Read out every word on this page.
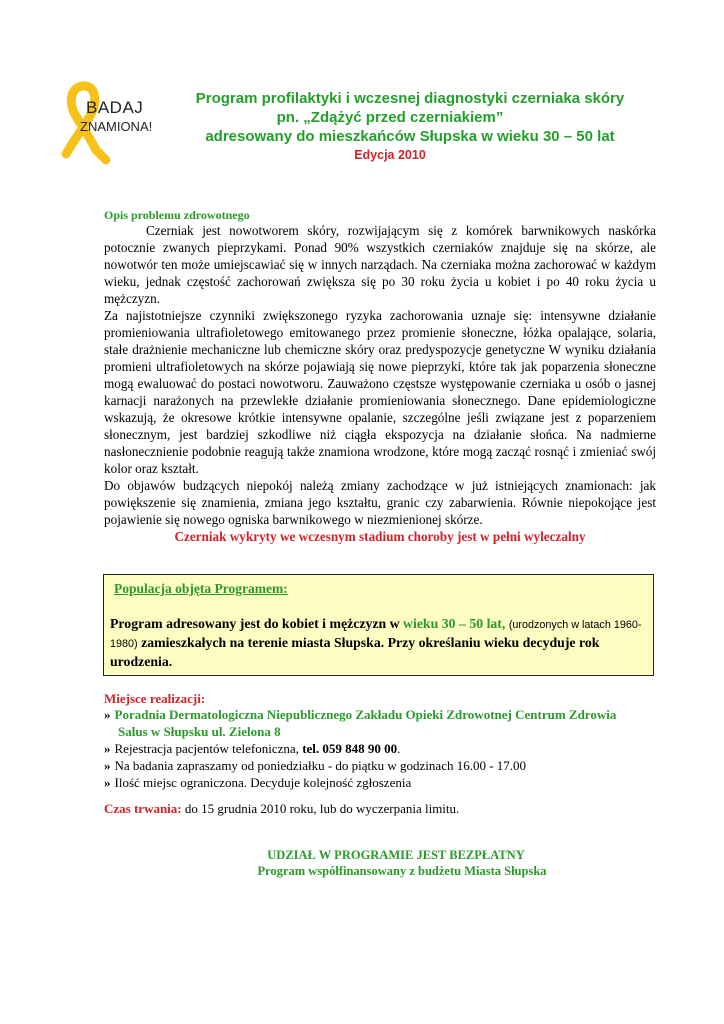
BADAJ
ZNAMIONA!
Program profilaktyki i wczesnej diagnostyki czerniaka skóry
pn. „Zdążyć przed czerniakiem”
adresowany do mieszkańców Słupska w wieku 30 – 50 lat
Edycja 2010
Opis problemu zdrowotnego

Czerniak jest nowotworem skóry, rozwijającym się z komórek barwnikowych naskórka potocznie zwanych pieprzykami. Ponad 90% wszystkich czerniaków znajduje się na skórze, ale nowotwór ten może umiejscawiać się w innych narządach. Na czerniaka można zachorować w każdym wieku, jednak częstość zachorowań zwiększa się po 30 roku życia u kobiet i po 40 roku życia u mężczyzn.

Za najistotniejsze czynniki zwiększonego ryzyka zachorowania uznaje się: intensywne działanie promieniowania ultrafioletowego emitowanego przez promienie słoneczne, łóżka opalające, solaria, stałe drażnienie mechaniczne lub chemiczne skóry oraz predyspozycje genetyczne W wyniku działania promieni ultrafioletowych na skórze pojawiają się nowe pieprzyki, które tak jak poparzenia słoneczne mogą ewaluować do postaci nowotworu. Zauważono częstsze występowanie czerniaka u osób o jasnej karnacji narażonych na przewlekłe działanie promieniowania słonecznego. Dane epidemiologiczne wskazują, że okresowe krótkie intensywne opalanie, szczególne jeśli związane jest z poparzeniem słonecznym, jest bardziej szkodliwe niż ciągła ekspozycja na działanie słońca. Na nadmierne nasłonecznienie podobnie reagują także znamiona wrodzone, które mogą zacząć rosnąć i zmieniać swój kolor oraz kształt.

Do objawów budzących niepokój należą zmiany zachodzące w już istniejących znamionach: jak powiększenie się znamienia, zmiana jego kształtu, granic czy zabarwienia. Równie niepokojące jest pojawienie się nowego ogniska barwnikowego w niezmienionej skórze.

Czerniak wykryty we wczesnym stadium choroby jest w pełni wyleczalny

Populacja objęta Programem:
Program adresowany jest do kobiet i mężczyzn w wieku 30 – 50 lat, (urodzonych w latach 1960- 1980) zamieszkałych na terenie miasta Słupska. Przy określaniu wieku decyduje rok urodzenia.
Miejsce realizacji:
» Poradnia Dermatologiczna Niepublicznego Zakładu Opieki Zdrowotnej Centrum Zdrowia
Salus w Słupsku ul. Zielona 8
» Rejestracja pacjentów telefoniczna, tel. 059 848 90 00.
» Na badania zapraszamy od poniedziałku - do piątku w godzinach 16.00 - 17.00
» Ilość miejsc ograniczona. Decyduje kolejność zgłoszenia
Czas trwania: do 15 grudnia 2010 roku, lub do wyczerpania limitu.
UDZIAŁ W PROGRAMIE JEST BEZPŁATNY
Program współfinansowany z budżetu Miasta Słupska
